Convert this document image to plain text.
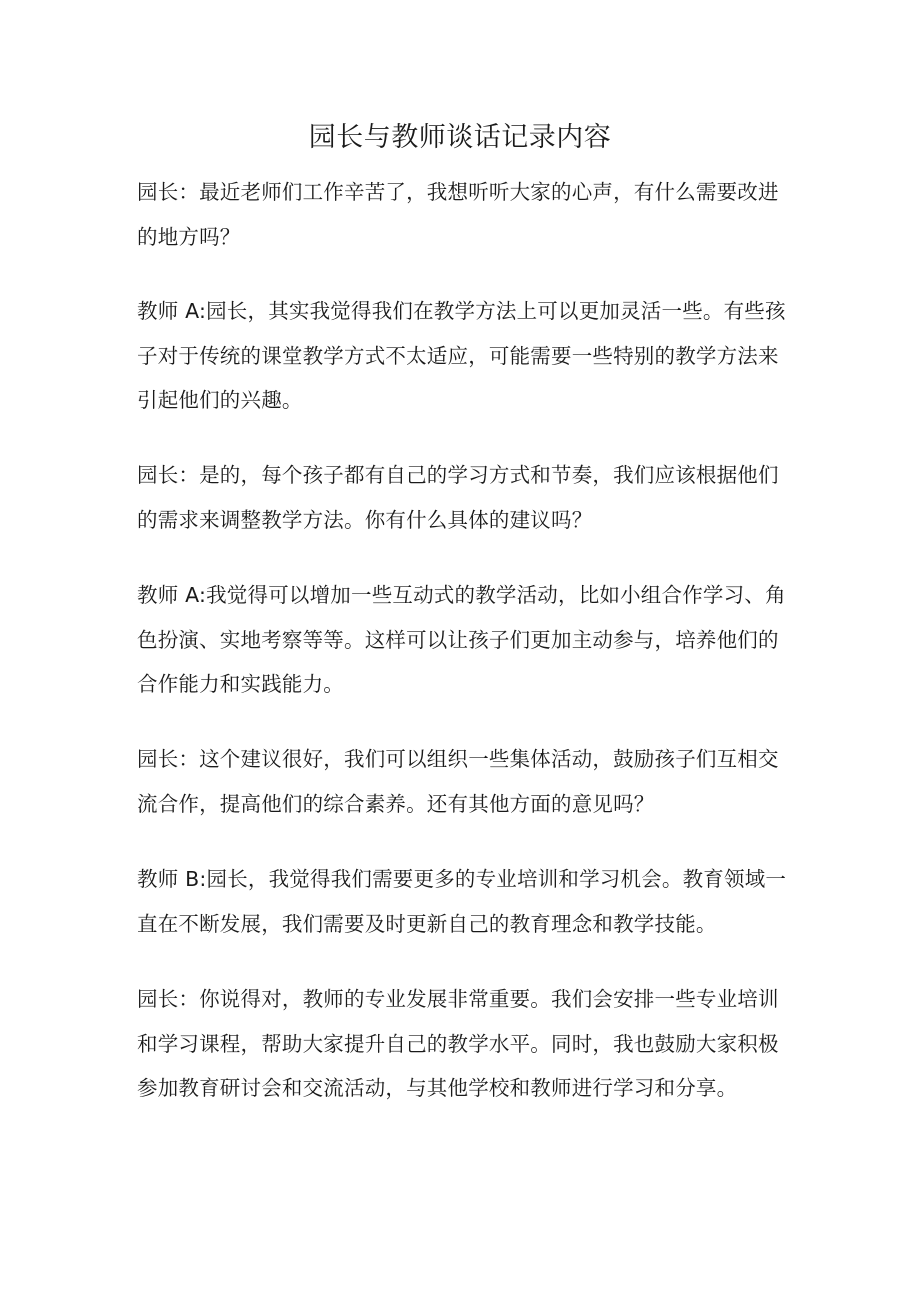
园长与教师谈话记录内容

园长：最近老师们工作辛苦了，我想听听大家的心声，有什么需要改进的地方吗？

教师 A:园长，其实我觉得我们在教学方法上可以更加灵活一些。有些孩子对于传统的课堂教学方式不太适应，可能需要一些特别的教学方法来引起他们的兴趣。

园长：是的，每个孩子都有自己的学习方式和节奏，我们应该根据他们的需求来调整教学方法。你有什么具体的建议吗？

教师 A:我觉得可以增加一些互动式的教学活动，比如小组合作学习、角色扮演、实地考察等等。这样可以让孩子们更加主动参与，培养他们的合作能力和实践能力。

园长：这个建议很好，我们可以组织一些集体活动，鼓励孩子们互相交流合作，提高他们的综合素养。还有其他方面的意见吗？

教师 B:园长，我觉得我们需要更多的专业培训和学习机会。教育领域一直在不断发展，我们需要及时更新自己的教育理念和教学技能。

园长：你说得对，教师的专业发展非常重要。我们会安排一些专业培训和学习课程，帮助大家提升自己的教学水平。同时，我也鼓励大家积极参加教育研讨会和交流活动，与其他学校和教师进行学习和分享。
